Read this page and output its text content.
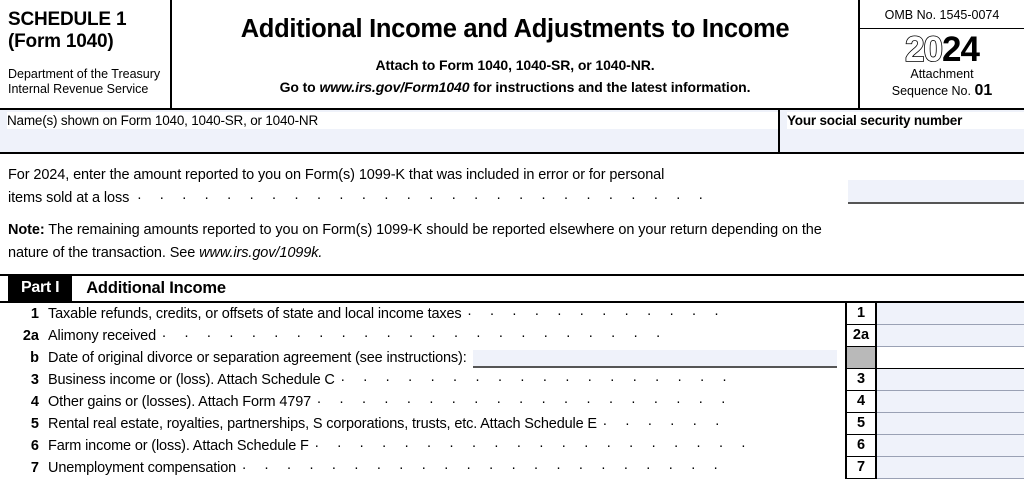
SCHEDULE 1
(Form 1040)
Department of the Treasury
Internal Revenue Service
Additional Income and Adjustments to Income
Attach to Form 1040, 1040-SR, or 1040-NR.
Go to www.irs.gov/Form1040 for instructions and the latest information.
OMB No. 1545-0074
2024
Attachment
Sequence No. 01
Name(s) shown on Form 1040, 1040-SR, or 1040-NR	Your social security number
For 2024, enter the amount reported to you on Form(s) 1099-K that was included in error or for personal
items sold at a loss . . . . . . . . . . . . . . . . . . . . . . . . . .
Note: The remaining amounts reported to you on Form(s) 1099-K should be reported elsewhere on your return depending on the
nature of the transaction. See www.irs.gov/1099k.
Part I	Additional Income
1 Taxable refunds, credits, or offsets of state and local income taxes . . . . . . . . . . . .	1
2a Alimony received . . . . . . . . . . . . . . . . . . . . . . .	2a
b Date of original divorce or separation agreement (see instructions):
3 Business income or (loss). Attach Schedule C . . . . . . . . . . . . . . . . . .	3
4 Other gains or (losses). Attach Form 4797 . . . . . . . . . . . . . . . . . . .	4
5 Rental real estate, royalties, partnerships, S corporations, trusts, etc. Attach Schedule E . . . . . .	5
6 Farm income or (loss). Attach Schedule F . . . . . . . . . . . . . . . . . . . .	6
7 Unemployment compensation . . . . . . . . . . . . . . . . . . . . . .	7
